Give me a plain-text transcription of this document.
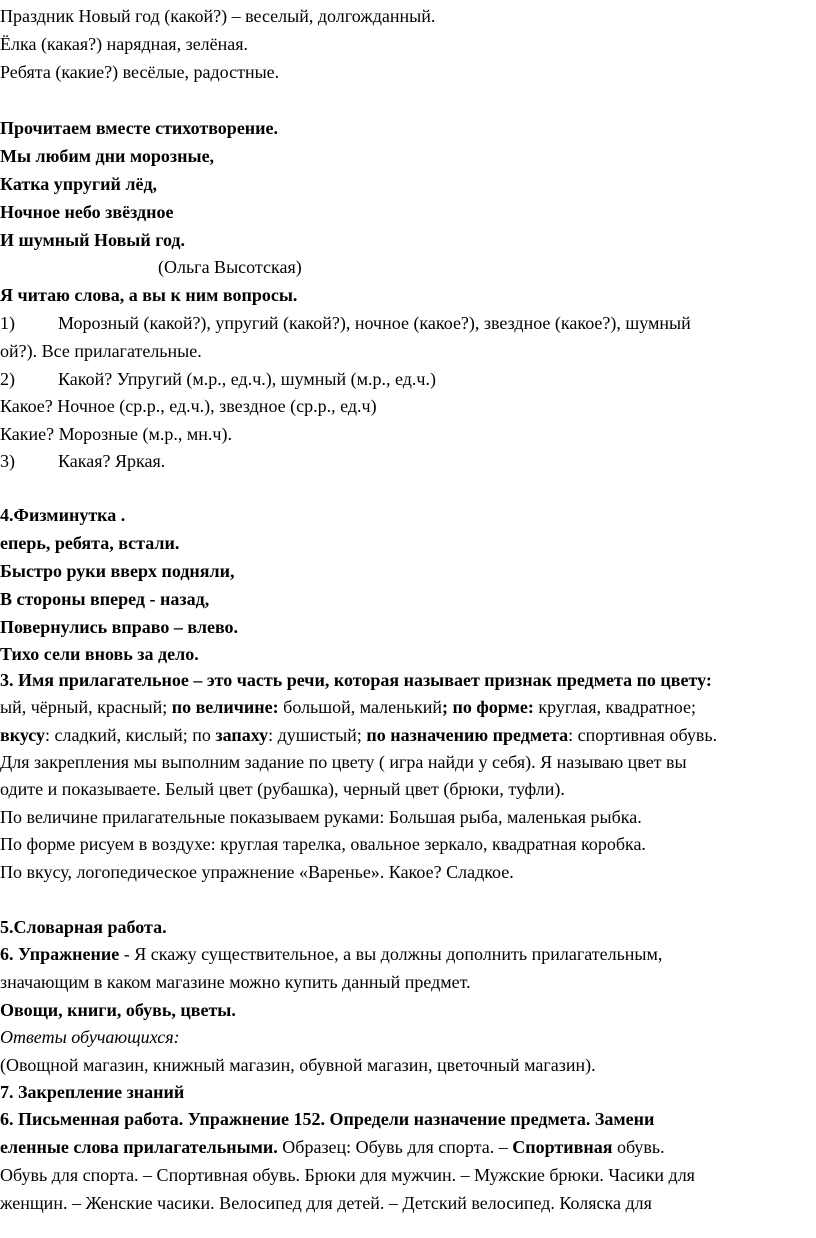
Праздник Новый год (какой?) – веселый, долгожданный.
Ёлка (какая?) нарядная, зелёная.
Ребята (какие?) весёлые, радостные.
Прочитаем вместе стихотворение.
Мы любим дни морозные,
Катка упругий лёд,
Ночное небо звёздное
И шумный Новый год.
(Ольга Высотская)
Я читаю слова, а вы к ним вопросы.
1) Морозный (какой?), упругий (какой?), ночное (какое?), звездное (какое?), шумный
ой?). Все прилагательные.
2) Какой? Упругий (м.р., ед.ч.), шумный (м.р., ед.ч.)
Какое? Ночное (ср.р., ед.ч.), звездное (ср.р., ед.ч)
Какие? Морозные (м.р., мн.ч).
3) Какая? Яркая.
4.Физминутка .
еперь, ребята, встали.
Быстро руки вверх подняли,
В стороны вперед - назад,
Повернулись вправо – влево.
Тихо сели вновь за дело.
3. Имя прилагательное – это часть речи, которая называет признак предмета по цвету:
ый, чёрный, красный; по величине: большой, маленький; по форме: круглая, квадратное;
вкусу: сладкий, кислый; по запаху: душистый; по назначению предмета: спортивная обувь.
Для закрепления мы выполним задание по цвету ( игра найди у себя). Я называю цвет вы
одите и показываете. Белый цвет (рубашка), черный цвет (брюки, туфли).
По величине прилагательные показываем руками: Большая рыба, маленькая рыбка.
По форме рисуем в воздухе: круглая тарелка, овальное зеркало, квадратная коробка.
По вкусу, логопедическое упражнение «Варенье». Какое? Сладкое.
5.Словарная работа.
6. Упражнение - Я скажу существительное, а вы должны дополнить прилагательным,
значающим в каком магазине можно купить данный предмет.
Овощи, книги, обувь, цветы.
Ответы обучающихся:
(Овощной магазин, книжный магазин, обувной магазин, цветочный магазин).
7. Закрепление знаний
6. Письменная работа. Упражнение 152. Определи назначение предмета. Замени
еленные слова прилагательными. Образец: Обувь для спорта. – Спортивная обувь.
Обувь для спорта. – Спортивная обувь. Брюки для мужчин. – Мужские брюки. Часики для
женщин. – Женские часики. Велосипед для детей. – Детский велосипед. Коляска для
